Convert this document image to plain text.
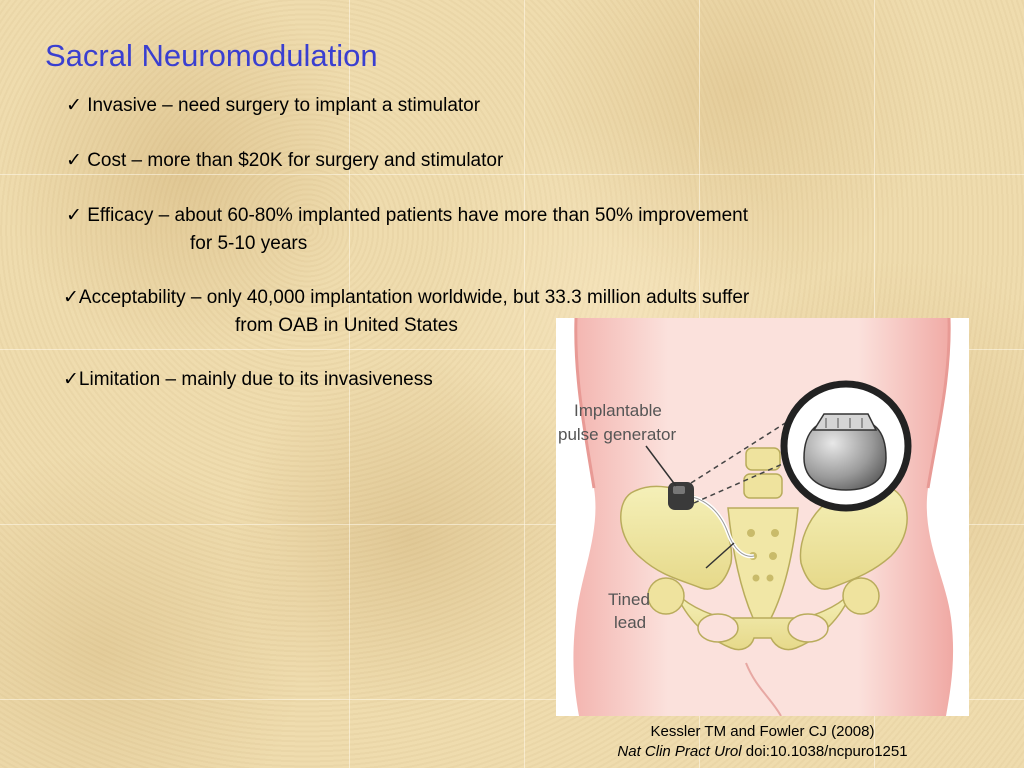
Sacral Neuromodulation
✓ Invasive – need surgery to implant a stimulator
✓ Cost – more than $20K for surgery and stimulator
✓ Efficacy – about 60-80% implanted patients have more than 50% improvement
for 5-10 years
✓Acceptability – only 40,000 implantation worldwide, but 33.3 million adults suffer
from OAB in United States
✓Limitation – mainly due to its invasiveness
Implantable
pulse generator
Tined
lead
Kessler TM and Fowler CJ (2008)
Nat Clin Pract Urol doi:10.1038/ncpuro1251
